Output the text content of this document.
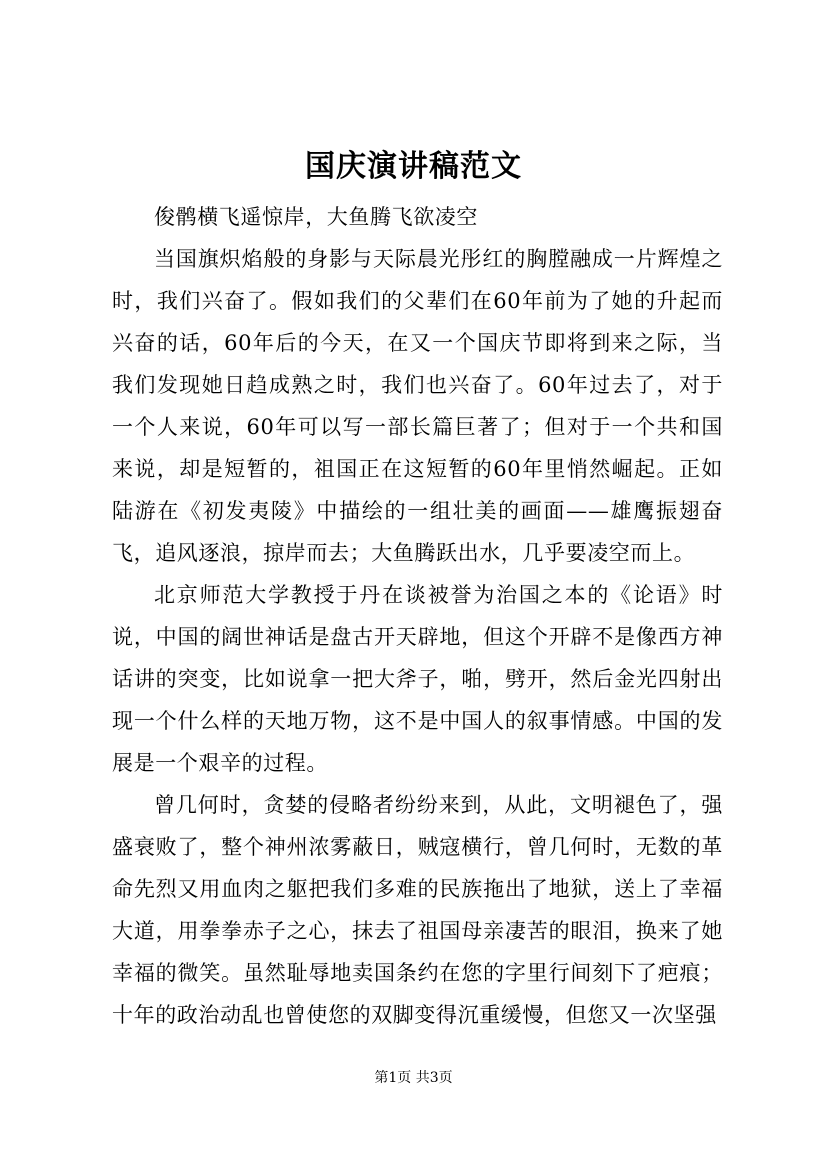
国庆演讲稿范文

俊鹘横飞遥惊岸，大鱼腾飞欲凌空

当国旗炽焰般的身影与天际晨光彤红的胸膛融成一片辉煌之时，我们兴奋了。假如我们的父辈们在60年前为了她的升起而兴奋的话，60年后的今天，在又一个国庆节即将到来之际，当我们发现她日趋成熟之时，我们也兴奋了。60年过去了，对于一个人来说，60年可以写一部长篇巨著了；但对于一个共和国来说，却是短暂的，祖国正在这短暂的60年里悄然崛起。正如陆游在《初发夷陵》中描绘的一组壮美的画面——雄鹰振翅奋飞，追风逐浪，掠岸而去；大鱼腾跃出水，几乎要凌空而上。

北京师范大学教授于丹在谈被誉为治国之本的《论语》时说，中国的阔世神话是盘古开天辟地，但这个开辟不是像西方神话讲的突变，比如说拿一把大斧子，啪，劈开，然后金光四射出现一个什么样的天地万物，这不是中国人的叙事情感。中国的发展是一个艰辛的过程。

曾几何时，贪婪的侵略者纷纷来到，从此，文明褪色了，强盛衰败了，整个神州浓雾蔽日，贼寇横行，曾几何时，无数的革命先烈又用血肉之躯把我们多难的民族拖出了地狱，送上了幸福大道，用拳拳赤子之心，抹去了祖国母亲凄苦的眼泪，换来了她幸福的微笑。虽然耻辱地卖国条约在您的字里行间刻下了疤痕；十年的政治动乱也曾使您的双脚变得沉重缓慢，但您又一次坚强

第1页 共3页
